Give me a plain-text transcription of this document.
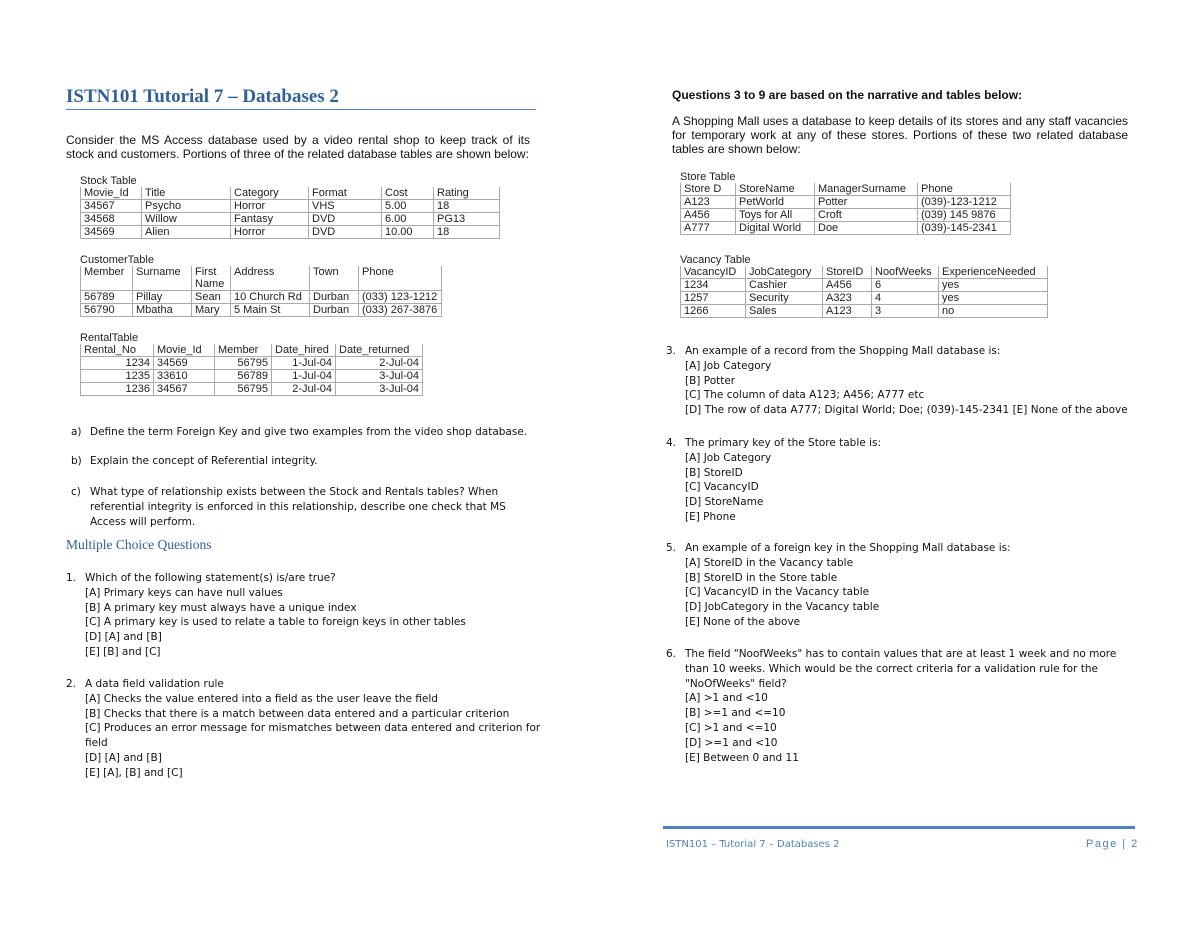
ISTN101 Tutorial 7 – Databases 2
Consider the MS Access database used by a video rental shop to keep track of its stock and customers. Portions of three of the related database tables are shown below:
Stock Table
Movie_Id	Title	Category	Format	Cost	Rating
34567	Psycho	Horror	VHS	5.00	18
34568	Willow	Fantasy	DVD	6.00	PG13
34569	Alien	Horror	DVD	10.00	18
CustomerTable
Member	Surname	First Name	Address	Town	Phone
56789	Pillay	Sean	10 Church Rd	Durban	(033) 123-1212
56790	Mbatha	Mary	5 Main St	Durban	(033) 267-3876
RentalTable
Rental_No	Movie_Id	Member	Date_hired	Date_returned
1234	34569	56795	1-Jul-04	2-Jul-04
1235	33610	56789	1-Jul-04	3-Jul-04
1236	34567	56795	2-Jul-04	3-Jul-04
a) Define the term Foreign Key and give two examples from the video shop database.
b) Explain the concept of Referential integrity.
c) What type of relationship exists between the Stock and Rentals tables? When referential integrity is enforced in this relationship, describe one check that MS Access will perform.
Multiple Choice Questions
1. Which of the following statement(s) is/are true?
[A] Primary keys can have null values
[B] A primary key must always have a unique index
[C] A primary key is used to relate a table to foreign keys in other tables
[D] [A] and [B]
[E] [B] and [C]
2. A data field validation rule
[A] Checks the value entered into a field as the user leave the field
[B] Checks that there is a match between data entered and a particular criterion
[C] Produces an error message for mismatches between data entered and criterion for field
[D] [A] and [B]
[E] [A], [B] and [C]
Questions 3 to 9 are based on the narrative and tables below:
A Shopping Mall uses a database to keep details of its stores and any staff vacancies for temporary work at any of these stores. Portions of these two related database tables are shown below:
Store Table
Store D	StoreName	ManagerSurname	Phone
A123	PetWorld	Potter	(039)-123-1212
A456	Toys for All	Croft	(039) 145 9876
A777	Digital World	Doe	(039)-145-2341
Vacancy Table
VacancyID	JobCategory	StoreID	NoofWeeks	ExperienceNeeded
1234	Cashier	A456	6	yes
1257	Security	A323	4	yes
1266	Sales	A123	3	no
3. An example of a record from the Shopping Mall database is:
[A] Job Category
[B] Potter
[C] The column of data A123; A456; A777 etc
[D] The row of data A777; Digital World; Doe; (039)-145-2341 [E] None of the above
4. The primary key of the Store table is:
[A] Job Category
[B] StoreID
[C] VacancyID
[D] StoreName
[E] Phone
5. An example of a foreign key in the Shopping Mall database is:
[A] StoreID in the Vacancy table
[B] StoreID in the Store table
[C] VacancyID in the Vacancy table
[D] JobCategory in the Vacancy table
[E] None of the above
6. The field "NoofWeeks" has to contain values that are at least 1 week and no more than 10 weeks. Which would be the correct criteria for a validation rule for the "NoOfWeeks" field?
[A] >1 and <10
[B] >=1 and <=10
[C] >1 and <=10
[D] >=1 and <10
[E] Between 0 and 11
ISTN101 – Tutorial 7 – Databases 2	Page | 2
